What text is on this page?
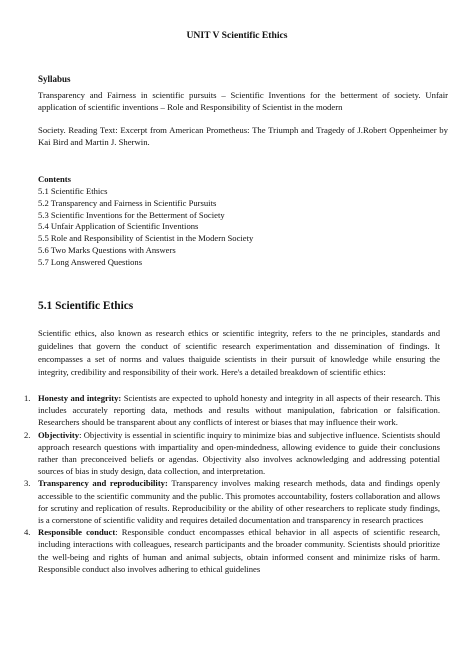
UNIT V Scientific Ethics
Syllabus
Transparency and Fairness in scientific pursuits – Scientific Inventions for the betterment of society. Unfair application of scientific inventions – Role and Responsibility of Scientist in the modern
Society. Reading Text: Excerpt from American Prometheus: The Triumph and Tragedy of J.Robert Oppenheimer by Kai Bird and Martin J. Sherwin.
Contents
5.1 Scientific Ethics
5.2 Transparency and Fairness in Scientific Pursuits
5.3 Scientific Inventions for the Betterment of Society
5.4 Unfair Application of Scientific Inventions
5.5 Role and Responsibility of Scientist in the Modern Society
5.6 Two Marks Questions with Answers
5.7 Long Answered Questions
5.1 Scientific Ethics
Scientific ethics, also known as research ethics or scientific integrity, refers to the ne principles, standards and guidelines that govern the conduct of scientific research experimentation and dissemination of findings. It encompasses a set of norms and values thaiguide scientists in their pursuit of knowledge while ensuring the integrity, credibility and responsibility of their work. Here's a detailed breakdown of scientific ethics:
1. Honesty and integrity: Scientists are expected to uphold honesty and integrity in all aspects of their research. This includes accurately reporting data, methods and results without manipulation, fabrication or falsification. Researchers should be transparent about any conflicts of interest or biases that may influence their work.
2. Objectivity: Objectivity is essential in scientific inquiry to minimize bias and subjective influence. Scientists should approach research questions with impartiality and open-mindedness, allowing evidence to guide their conclusions rather than preconceived beliefs or agendas. Objectivity also involves acknowledging and addressing potential sources of bias in study design, data collection, and interpretation.
3. Transparency and reproducibility: Transparency involves making research methods, data and findings openly accessible to the scientific community and the public. This promotes accountability, fosters collaboration and allows for scrutiny and replication of results. Reproducibility or the ability of other researchers to replicate study findings, is a cornerstone of scientific validity and requires detailed documentation and transparency in research practices
4. Responsible conduct: Responsible conduct encompasses ethical behavior in all aspects of scientific research, including interactions with colleagues, research participants and the broader community. Scientists should prioritize the well-being and rights of human and animal subjects, obtain informed consent and minimize risks of harm. Responsible conduct also involves adhering to ethical guidelines
